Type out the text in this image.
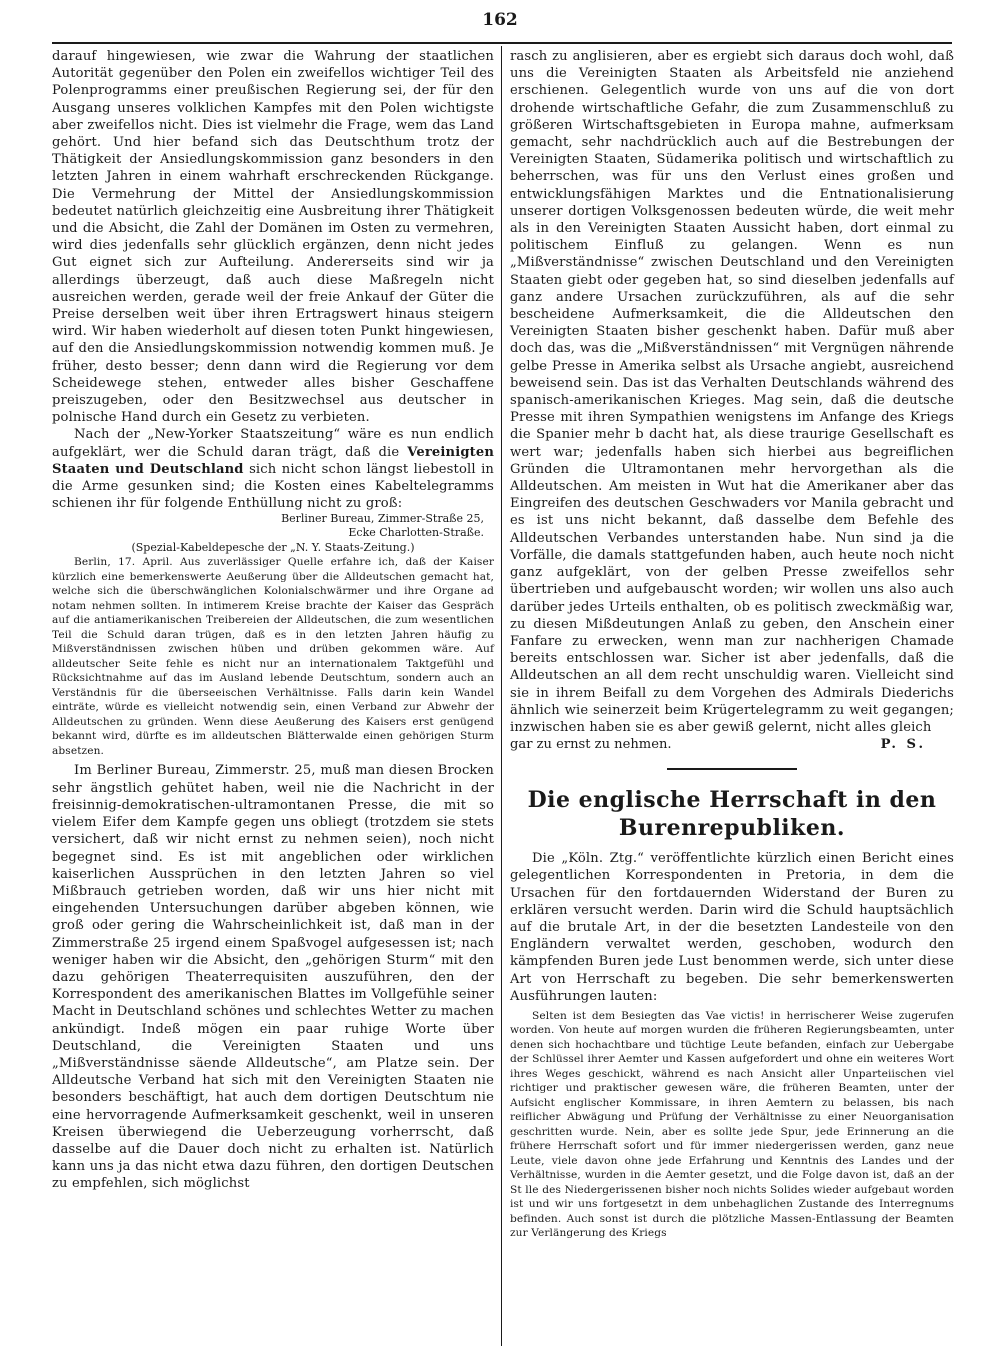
162

darauf hingewiesen, wie zwar die Wahrung der staatlichen Autorität gegenüber den Polen ein zweifellos wichtiger Teil des Polenprogramms einer preußischen Regierung sei, der für den Ausgang unseres volklichen Kampfes mit den Polen wichtigste aber zweifellos nicht. Dies ist vielmehr die Frage, wem das Land gehört. Und hier befand sich das Deutschthum trotz der Thätigkeit der Ansiedlungskommission ganz besonders in den letzten Jahren in einem wahrhaft erschreckenden Rückgange. Die Vermehrung der Mittel der Ansiedlungskommission bedeutet natürlich gleichzeitig eine Ausbreitung ihrer Thätigkeit und die Absicht, die Zahl der Domänen im Osten zu vermehren, wird dies jedenfalls sehr glücklich ergänzen, denn nicht jedes Gut eignet sich zur Aufteilung. Andererseits sind wir ja allerdings überzeugt, daß auch diese Maßregeln nicht ausreichen werden, gerade weil der freie Ankauf der Güter die Preise derselben weit über ihren Ertragswert hinaus steigern wird. Wir haben wiederholt auf diesen toten Punkt hingewiesen, auf den die Ansiedlungskommission notwendig kommen muß. Je früher, desto besser; denn dann wird die Regierung vor dem Scheidewege stehen, entweder alles bisher Geschaffene preiszugeben, oder den Besitzwechsel aus deutscher in polnische Hand durch ein Gesetz zu verbieten.

Nach der „New-Yorker Staatszeitung“ wäre es nun endlich aufgeklärt, wer die Schuld daran trägt, daß die Vereinigten Staaten und Deutschland sich nicht schon längst liebestoll in die Arme gesunken sind; die Kosten eines Kabeltelegramms schienen ihr für folgende Enthüllung nicht zu groß:

Berliner Bureau, Zimmer-Straße 25,

Ecke Charlotten-Straße.

(Spezial-Kabeldepesche der „N. Y. Staats-Zeitung.)

Berlin, 17. April. Aus zuverlässiger Quelle erfahre ich, daß der Kaiser kürzlich eine bemerkenswerte Aeußerung über die Alldeutschen gemacht hat, welche sich die überschwänglichen Kolonialschwärmer und ihre Organe ad notam nehmen sollten. In intimerem Kreise brachte der Kaiser das Gespräch auf die antiamerikanischen Treibereien der Alldeutschen, die zum wesentlichen Teil die Schuld daran trügen, daß es in den letzten Jahren häufig zu Mißverständnissen zwischen hüben und drüben gekommen wäre. Auf alldeutscher Seite fehle es nicht nur an internationalem Taktgefühl und Rücksichtnahme auf das im Ausland lebende Deutschtum, sondern auch an Verständnis für die überseeischen Verhältnisse. Falls darin kein Wandel einträte, würde es vielleicht notwendig sein, einen Verband zur Abwehr der Alldeutschen zu gründen. Wenn diese Aeußerung des Kaisers erst genügend bekannt wird, dürfte es im alldeutschen Blätterwalde einen gehörigen Sturm absetzen.

Im Berliner Bureau, Zimmerstr. 25, muß man diesen Brocken sehr ängstlich gehütet haben, weil nie die Nachricht in der freisinnig-demokratischen-ultramontanen Presse, die mit so vielem Eifer dem Kampfe gegen uns obliegt (trotzdem sie stets versichert, daß wir nicht ernst zu nehmen seien), noch nicht begegnet sind. Es ist mit angeblichen oder wirklichen kaiserlichen Aussprüchen in den letzten Jahren so viel Mißbrauch getrieben worden, daß wir uns hier nicht mit eingehenden Untersuchungen darüber abgeben können, wie groß oder gering die Wahrscheinlichkeit ist, daß man in der Zimmerstraße 25 irgend einem Spaßvogel aufgesessen ist; nach weniger haben wir die Absicht, den „gehörigen Sturm“ mit den dazu gehörigen Theaterrequisiten auszuführen, den der Korrespondent des amerikanischen Blattes im Vollgefühle seiner Macht in Deutschland schönes und schlechtes Wetter zu machen ankündigt. Indeß mögen ein paar ruhige Worte über Deutschland, die Vereinigten Staaten und uns „Mißverständnisse säende Alldeutsche“, am Platze sein. Der Alldeutsche Verband hat sich mit den Vereinigten Staaten nie besonders beschäftigt, hat auch dem dortigen Deutschtum nie eine hervorragende Aufmerksamkeit geschenkt, weil in unseren Kreisen überwiegend die Ueberzeugung vorherrscht, daß dasselbe auf die Dauer doch nicht zu erhalten ist. Natürlich kann uns ja das nicht etwa dazu führen, den dortigen Deutschen zu empfehlen, sich möglichst

rasch zu anglisieren, aber es ergiebt sich daraus doch wohl, daß uns die Vereinigten Staaten als Arbeitsfeld nie anziehend erschienen. Gelegentlich wurde von uns auf die von dort drohende wirtschaftliche Gefahr, die zum Zusammenschluß zu größeren Wirtschaftsgebieten in Europa mahne, aufmerksam gemacht, sehr nachdrücklich auch auf die Bestrebungen der Vereinigten Staaten, Südamerika politisch und wirtschaftlich zu beherrschen, was für uns den Verlust eines großen und entwicklungsfähigen Marktes und die Entnationalisierung unserer dortigen Volksgenossen bedeuten würde, die weit mehr als in den Vereinigten Staaten Aussicht haben, dort einmal zu politischem Einfluß zu gelangen. Wenn es nun „Mißverständnisse“ zwischen Deutschland und den Vereinigten Staaten giebt oder gegeben hat, so sind dieselben jedenfalls auf ganz andere Ursachen zurückzuführen, als auf die sehr bescheidene Aufmerksamkeit, die die Alldeutschen den Vereinigten Staaten bisher geschenkt haben. Dafür muß aber doch das, was die „Mißverständnissen“ mit Vergnügen nährende gelbe Presse in Amerika selbst als Ursache angiebt, ausreichend beweisend sein. Das ist das Verhalten Deutschlands während des spanisch-amerikanischen Krieges. Mag sein, daß die deutsche Presse mit ihren Sympathien wenigstens im Anfange des Kriegs die Spanier mehr b dacht hat, als diese traurige Gesellschaft es wert war; jedenfalls haben sich hierbei aus begreiflichen Gründen die Ultramontanen mehr hervorgethan als die Alldeutschen. Am meisten in Wut hat die Amerikaner aber das Eingreifen des deutschen Geschwaders vor Manila gebracht und es ist uns nicht bekannt, daß dasselbe dem Befehle des Alldeutschen Verbandes unterstanden habe. Nun sind ja die Vorfälle, die damals stattgefunden haben, auch heute noch nicht ganz aufgeklärt, von der gelben Presse zweifellos sehr übertrieben und aufgebauscht worden; wir wollen uns also auch darüber jedes Urteils enthalten, ob es politisch zweckmäßig war, zu diesen Mißdeutungen Anlaß zu geben, den Anschein einer Fanfare zu erwecken, wenn man zur nachherigen Chamade bereits entschlossen war. Sicher ist aber jedenfalls, daß die Alldeutschen an all dem recht unschuldig waren. Vielleicht sind sie in ihrem Beifall zu dem Vorgehen des Admirals Diederichs ähnlich wie seinerzeit beim Krügertelegramm zu weit gegangen; inzwischen haben sie es aber gewiß gelernt, nicht alles gleich

gar zu ernst zu nehmen.	P. S.

Die englische Herrschaft in den
Burenrepubliken.

Die „Köln. Ztg.“ veröffentlichte kürzlich einen Bericht eines gelegentlichen Korrespondenten in Pretoria, in dem die Ursachen für den fortdauernden Widerstand der Buren zu erklären versucht werden. Darin wird die Schuld hauptsächlich auf die brutale Art, in der die besetzten Landesteile von den Engländern verwaltet werden, geschoben, wodurch den kämpfenden Buren jede Lust benommen werde, sich unter diese Art von Herrschaft zu begeben. Die sehr bemerkenswerten Ausführungen lauten:

Selten ist dem Besiegten das Vae victis! in herrischerer Weise zugerufen worden. Von heute auf morgen wurden die früheren Regierungsbeamten, unter denen sich hochachtbare und tüchtige Leute befanden, einfach zur Uebergabe der Schlüssel ihrer Aemter und Kassen aufgefordert und ohne ein weiteres Wort ihres Weges geschickt, während es nach Ansicht aller Unparteiischen viel richtiger und praktischer gewesen wäre, die früheren Beamten, unter der Aufsicht englischer Kommissare, in ihren Aemtern zu belassen, bis nach reiflicher Abwägung und Prüfung der Verhältnisse zu einer Neuorganisation geschritten wurde. Nein, aber es sollte jede Spur, jede Erinnerung an die frühere Herrschaft sofort und für immer niedergerissen werden, ganz neue Leute, viele davon ohne jede Erfahrung und Kenntnis des Landes und der Verhältnisse, wurden in die Aemter gesetzt, und die Folge davon ist, daß an der St lle des Niedergerissenen bisher noch nichts Solides wieder aufgebaut worden ist und wir uns fortgesetzt in dem unbehaglichen Zustande des Interregnums befinden. Auch sonst ist durch die plötzliche Massen-Entlassung der Beamten zur Verlängerung des Kriegs
